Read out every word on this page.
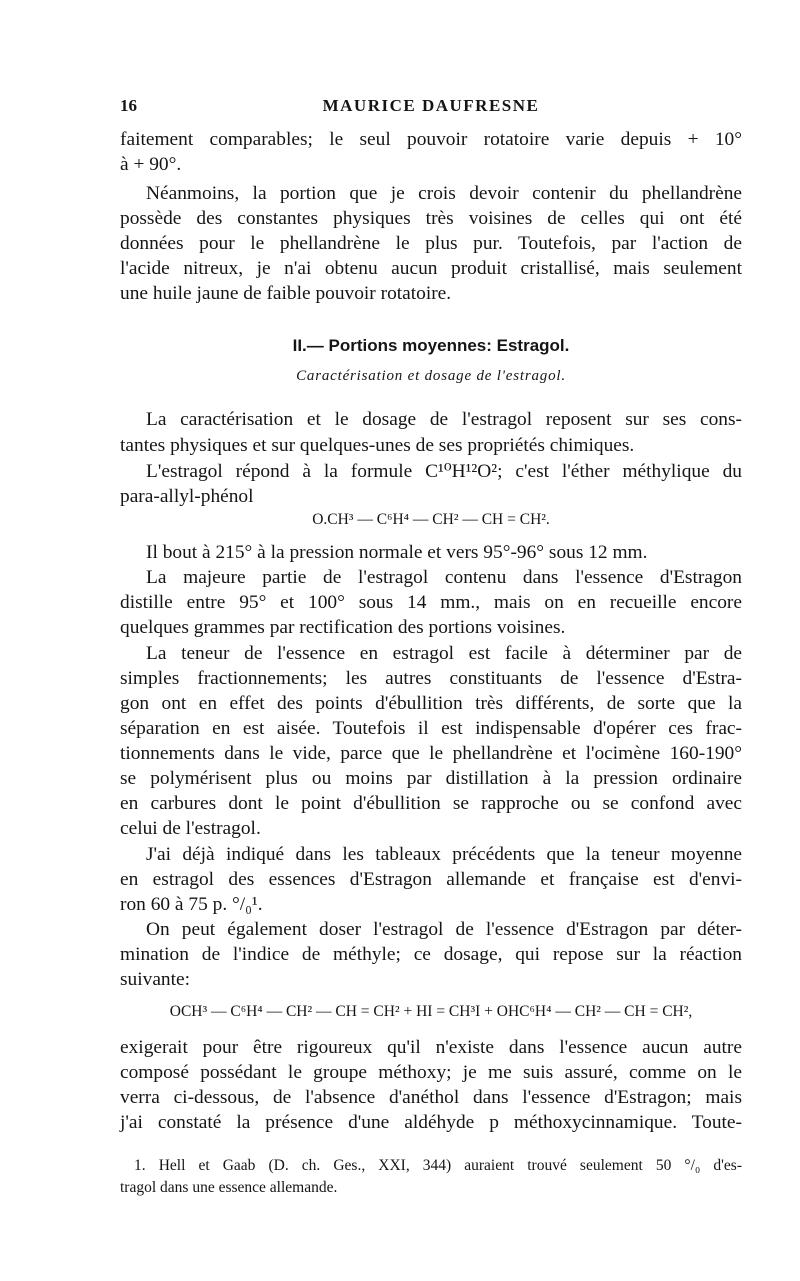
16	MAURICE DAUFRESNE
faitement comparables; le seul pouvoir rotatoire varie depuis + 10°
à + 90°.
Néanmoins, la portion que je crois devoir contenir du phellandrène
possède des constantes physiques très voisines de celles qui ont été
données pour le phellandrène le plus pur. Toutefois, par l'action de
l'acide nitreux, je n'ai obtenu aucun produit cristallisé, mais seulement
une huile jaune de faible pouvoir rotatoire.
II.— Portions moyennes: Estragol.
Caractérisation et dosage de l'estragol.
La caractérisation et le dosage de l'estragol reposent sur ses cons-
tantes physiques et sur quelques-unes de ses propriétés chimiques.
L'estragol répond à la formule C¹⁰H¹²O²; c'est l'éther méthylique du
para-allyl-phénol
O.CH³ — C⁶H⁴ — CH² — CH = CH².
Il bout à 215° à la pression normale et vers 95°-96° sous 12 mm.
La majeure partie de l'estragol contenu dans l'essence d'Estragon
distille entre 95° et 100° sous 14 mm., mais on en recueille encore
quelques grammes par rectification des portions voisines.
La teneur de l'essence en estragol est facile à déterminer par de
simples fractionnements; les autres constituants de l'essence d'Estra-
gon ont en effet des points d'ébullition très différents, de sorte que la
séparation en est aisée. Toutefois il est indispensable d'opérer ces frac-
tionnements dans le vide, parce que le phellandrène et l'ocimène 160-190°
se polymérisent plus ou moins par distillation à la pression ordinaire
en carbures dont le point d'ébullition se rapproche ou se confond avec
celui de l'estragol.
J'ai déjà indiqué dans les tableaux précédents que la teneur moyenne
en estragol des essences d'Estragon allemande et française est d'envi-
ron 60 à 75 p. °/₀¹.
On peut également doser l'estragol de l'essence d'Estragon par déter-
mination de l'indice de méthyle; ce dosage, qui repose sur la réaction
suivante:
OCH³ — C⁶H⁴ — CH² — CH = CH² + HI = CH³I + OHC⁶H⁴ — CH² — CH = CH²,
exigerait pour être rigoureux qu'il n'existe dans l'essence aucun autre
composé possédant le groupe méthoxy; je me suis assuré, comme on le
verra ci-dessous, de l'absence d'anéthol dans l'essence d'Estragon; mais
j'ai constaté la présence d'une aldéhyde p méthoxycinnamique. Toute-
1. Hell et Gaab (D. ch. Ges., XXI, 344) auraient trouvé seulement 50 °/₀ d'es-
tragol dans une essence allemande.
